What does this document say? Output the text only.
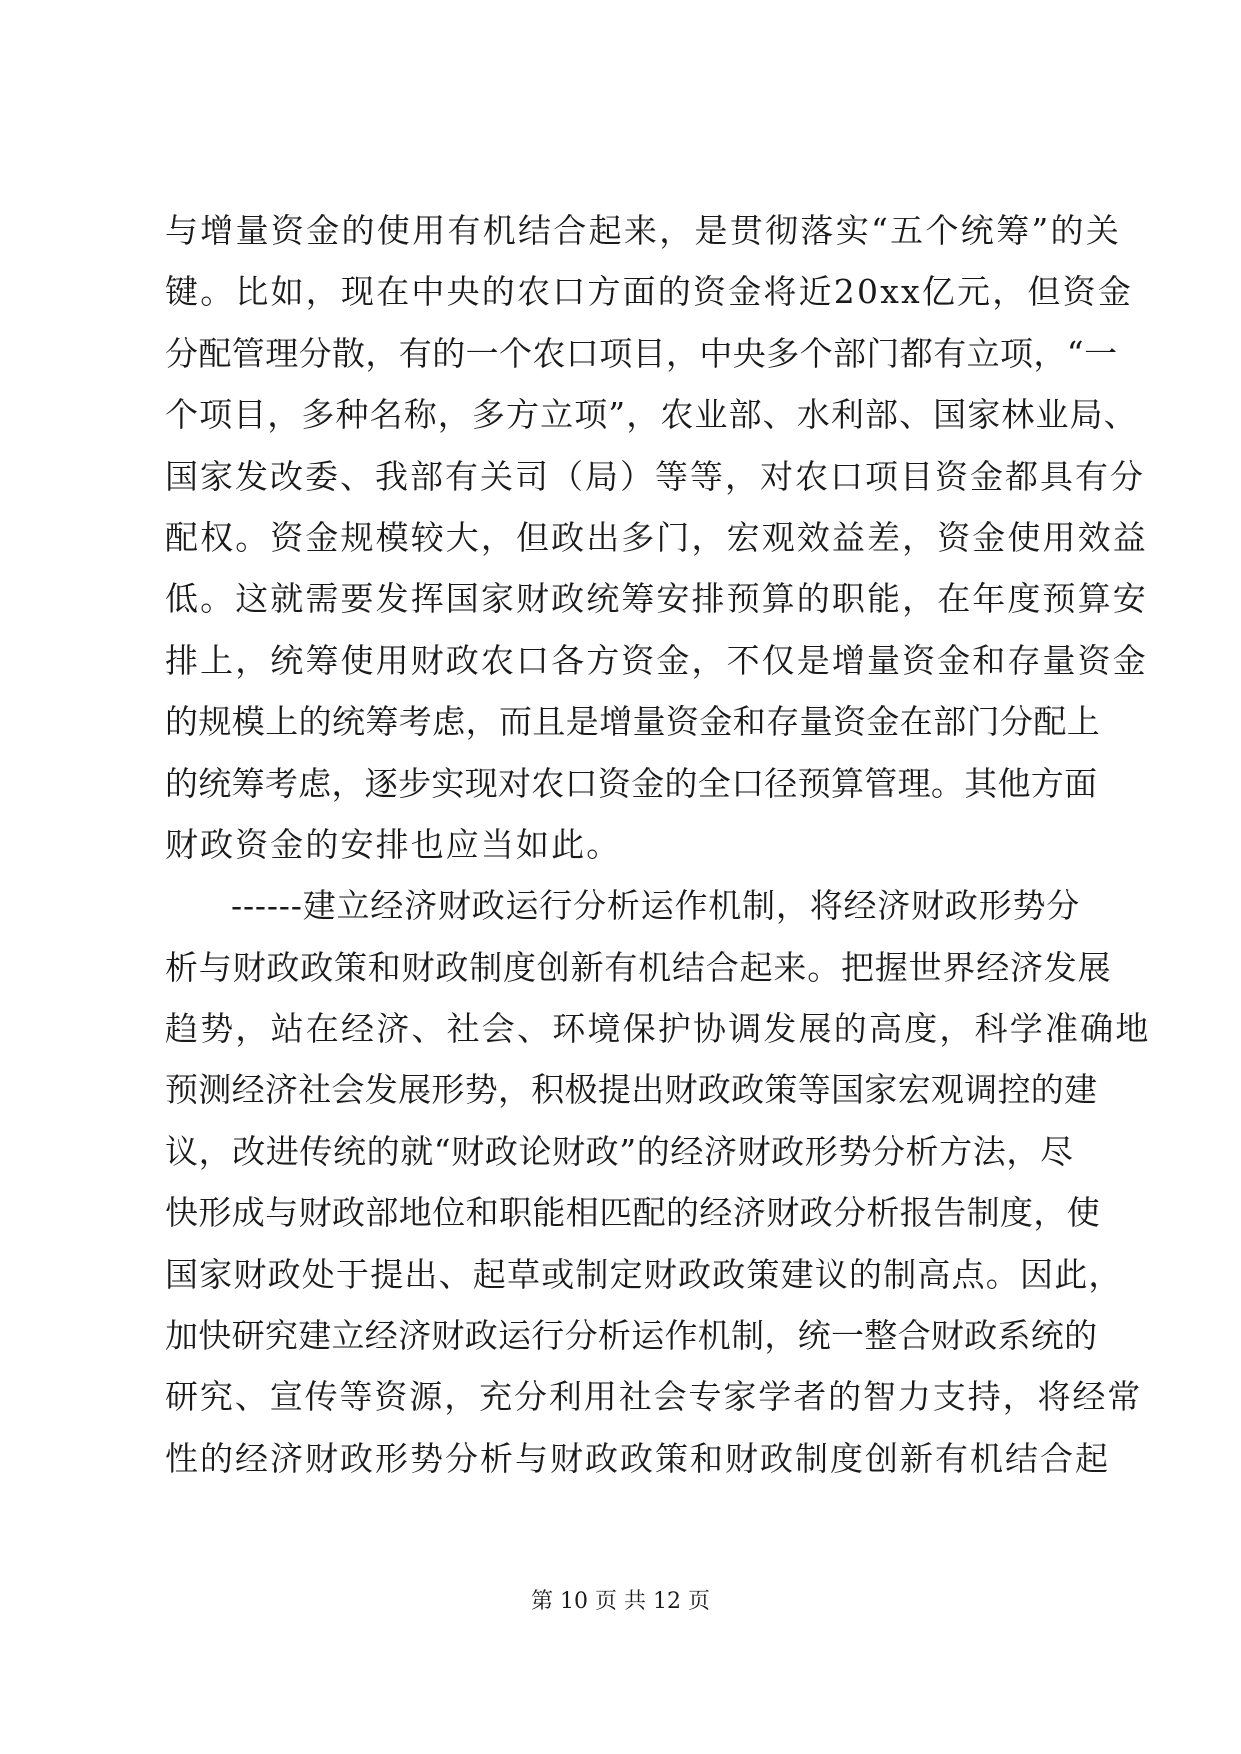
与增量资金的使用有机结合起来，是贯彻落实“五个统筹”的关
键。比如，现在中央的农口方面的资金将近20xx亿元，但资金
分配管理分散，有的一个农口项目，中央多个部门都有立项，“一
个项目，多种名称，多方立项”，农业部、水利部、国家林业局、
国家发改委、我部有关司（局）等等，对农口项目资金都具有分
配权。资金规模较大，但政出多门，宏观效益差，资金使用效益
低。这就需要发挥国家财政统筹安排预算的职能，在年度预算安
排上，统筹使用财政农口各方资金，不仅是增量资金和存量资金
的规模上的统筹考虑，而且是增量资金和存量资金在部门分配上
的统筹考虑，逐步实现对农口资金的全口径预算管理。其他方面
财政资金的安排也应当如此。
------建立经济财政运行分析运作机制，将经济财政形势分
析与财政政策和财政制度创新有机结合起来。把握世界经济发展
趋势，站在经济、社会、环境保护协调发展的高度，科学准确地
预测经济社会发展形势，积极提出财政政策等国家宏观调控的建
议，改进传统的就“财政论财政”的经济财政形势分析方法，尽
快形成与财政部地位和职能相匹配的经济财政分析报告制度，使
国家财政处于提出、起草或制定财政政策建议的制高点。因此，
加快研究建立经济财政运行分析运作机制，统一整合财政系统的
研究、宣传等资源，充分利用社会专家学者的智力支持，将经常
性的经济财政形势分析与财政政策和财政制度创新有机结合起
第 10 页 共 12 页
